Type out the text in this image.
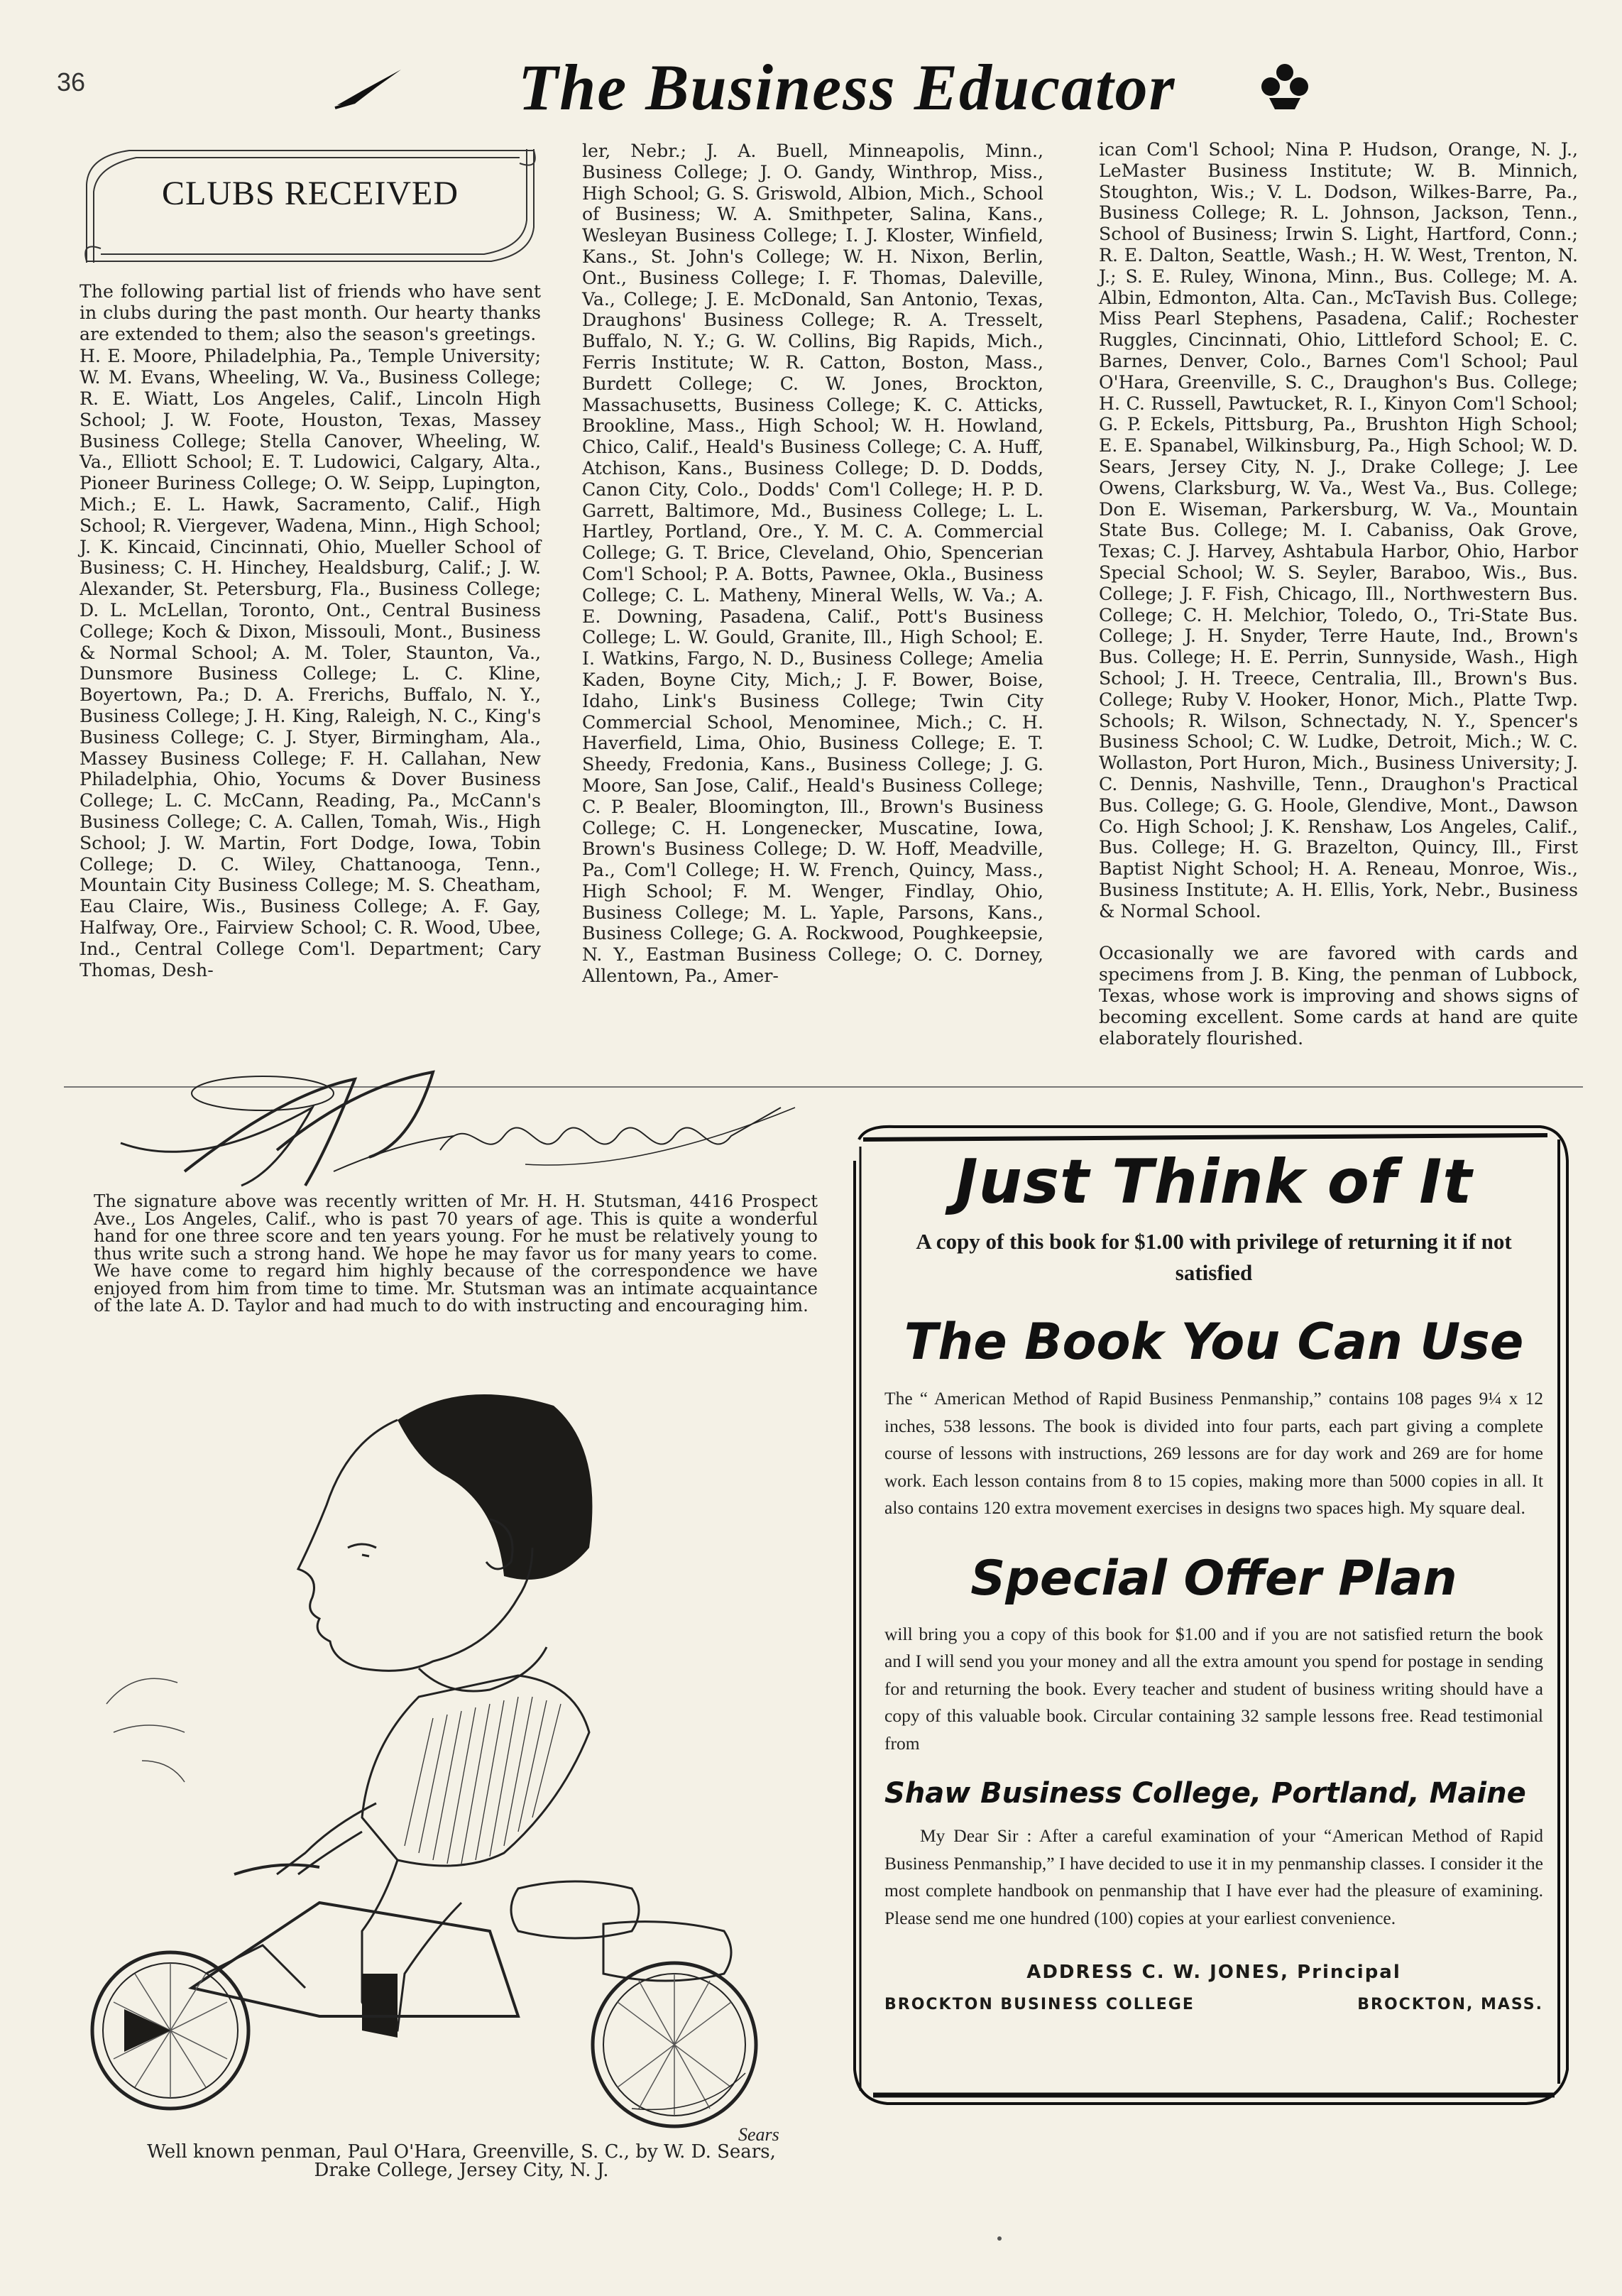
36	The Business Educator
CLUBS RECEIVED

The following partial list of friends who have sent in clubs during the past month. Our hearty thanks are extended to them; also the season's greetings.

H. E. Moore, Philadelphia, Pa., Temple University; W. M. Evans, Wheeling, W. Va., Business College; R. E. Wiatt, Los Angeles, Calif., Lincoln High School; J. W. Foote, Houston, Texas, Massey Business College; Stella Canover, Wheeling, W. Va., Elliott School; E. T. Ludowici, Calgary, Alta., Pioneer Buriness College; O. W. Seipp, Lupington, Mich.; E. L. Hawk, Sacramento, Calif., High School; R. Viergever, Wadena, Minn., High School; J. K. Kincaid, Cincinnati, Ohio, Mueller School of Business; C. H. Hinchey, Healdsburg, Calif.; J. W. Alexander, St. Petersburg, Fla., Business College; D. L. McLellan, Toronto, Ont., Central Business College; Koch & Dixon, Missouli, Mont., Business & Normal School; A. M. Toler, Staunton, Va., Dunsmore Business College; L. C. Kline, Boyertown, Pa.; D. A. Frerichs, Buffalo, N. Y., Business College; J. H. King, Raleigh, N. C., King's Business College; C. J. Styer, Birmingham, Ala., Massey Business College; F. H. Callahan, New Philadelphia, Ohio, Yocums & Dover Business College; L. C. McCann, Reading, Pa., McCann's Business College; C. A. Callen, Tomah, Wis., High School; J. W. Martin, Fort Dodge, Iowa, Tobin College; D. C. Wiley, Chattanooga, Tenn., Mountain City Business College; M. S. Cheatham, Eau Claire, Wis., Business College; A. F. Gay, Halfway, Ore., Fairview School; C. R. Wood, Ubee, Ind., Central College Com'l. Department; Cary Thomas, Desh-

ler, Nebr.; J. A. Buell, Minneapolis, Minn., Business College; J. O. Gandy, Winthrop, Miss., High School; G. S. Griswold, Albion, Mich., School of Business; W. A. Smithpeter, Salina, Kans., Wesleyan Business College; I. J. Kloster, Winfield, Kans., St. John's College; W. H. Nixon, Berlin, Ont., Business College; I. F. Thomas, Daleville, Va., College; J. E. McDonald, San Antonio, Texas, Draughons' Business College; R. A. Tresselt, Buffalo, N. Y.; G. W. Collins, Big Rapids, Mich., Ferris Institute; W. R. Catton, Boston, Mass., Burdett College; C. W. Jones, Brockton, Massachusetts, Business College; K. C. Atticks, Brookline, Mass., High School; W. H. Howland, Chico, Calif., Heald's Business College; C. A. Huff, Atchison, Kans., Business College; D. D. Dodds, Canon City, Colo., Dodds' Com'l College; H. P. D. Garrett, Baltimore, Md., Business College; L. L. Hartley, Portland, Ore., Y. M. C. A. Commercial College; G. T. Brice, Cleveland, Ohio, Spencerian Com'l School; P. A. Botts, Pawnee, Okla., Business College; C. L. Matheny, Mineral Wells, W. Va.; A. E. Downing, Pasadena, Calif., Pott's Business College; L. W. Gould, Granite, Ill., High School; E. I. Watkins, Fargo, N. D., Business College; Amelia Kaden, Boyne City, Mich,; J. F. Bower, Boise, Idaho, Link's Business College; Twin City Commercial School, Menominee, Mich.; C. H. Haverfield, Lima, Ohio, Business College; E. T. Sheedy, Fredonia, Kans., Business College; J. G. Moore, San Jose, Calif., Heald's Business College; C. P. Bealer, Bloomington, Ill., Brown's Business College; C. H. Longenecker, Muscatine, Iowa, Brown's Business College; D. W. Hoff, Meadville, Pa., Com'l College; H. W. French, Quincy, Mass., High School; F. M. Wenger, Findlay, Ohio, Business College; M. L. Yaple, Parsons, Kans., Business College; G. A. Rockwood, Poughkeepsie, N. Y., Eastman Business College; O. C. Dorney, Allentown, Pa., Amer-

ican Com'l School; Nina P. Hudson, Orange, N. J., LeMaster Business Institute; W. B. Minnich, Stoughton, Wis.; V. L. Dodson, Wilkes-Barre, Pa., Business College; R. L. Johnson, Jackson, Tenn., School of Business; Irwin S. Light, Hartford, Conn.; R. E. Dalton, Seattle, Wash.; H. W. West, Trenton, N. J.; S. E. Ruley, Winona, Minn., Bus. College; M. A. Albin, Edmonton, Alta. Can., McTavish Bus. College; Miss Pearl Stephens, Pasadena, Calif.; Rochester Ruggles, Cincinnati, Ohio, Littleford School; E. C. Barnes, Denver, Colo., Barnes Com'l School; Paul O'Hara, Greenville, S. C., Draughon's Bus. College; H. C. Russell, Pawtucket, R. I., Kinyon Com'l School; G. P. Eckels, Pittsburg, Pa., Brushton High School; E. E. Spanabel, Wilkinsburg, Pa., High School; W. D. Sears, Jersey City, N. J., Drake College; J. Lee Owens, Clarksburg, W. Va., West Va., Bus. College; Don E. Wiseman, Parkersburg, W. Va., Mountain State Bus. College; M. I. Cabaniss, Oak Grove, Texas; C. J. Harvey, Ashtabula Harbor, Ohio, Harbor Special School; W. S. Seyler, Baraboo, Wis., Bus. College; J. F. Fish, Chicago, Ill., Northwestern Bus. College; C. H. Melchior, Toledo, O., Tri-State Bus. College; J. H. Snyder, Terre Haute, Ind., Brown's Bus. College; H. E. Perrin, Sunnyside, Wash., High School; J. H. Treece, Centralia, Ill., Brown's Bus. College; Ruby V. Hooker, Honor, Mich., Platte Twp. Schools; R. Wilson, Schnectady, N. Y., Spencer's Business School; C. W. Ludke, Detroit, Mich.; W. C. Wollaston, Port Huron, Mich., Business University; J. C. Dennis, Nashville, Tenn., Draughon's Practical Bus. College; G. G. Hoole, Glendive, Mont., Dawson Co. High School; J. K. Renshaw, Los Angeles, Calif., Bus. College; H. G. Brazelton, Quincy, Ill., First Baptist Night School; H. A. Reneau, Monroe, Wis., Business Institute; A. H. Ellis, York, Nebr., Business & Normal School.

Occasionally we are favored with cards and specimens from J. B. King, the penman of Lubbock, Texas, whose work is improving and shows signs of becoming excellent. Some cards at hand are quite elaborately flourished.

The signature above was recently written of Mr. H. H. Stutsman, 4416 Prospect Ave., Los Angeles, Calif., who is past 70 years of age. This is quite a wonderful hand for one three score and ten years young. For he must be relatively young to thus write such a strong hand. We hope he may favor us for many years to come. We have come to regard him highly because of the correspondence we have enjoyed from him from time to time. Mr. Stutsman was an intimate acquaintance of the late A. D. Taylor and had much to do with instructing and encouraging him.

Sears
Well known penman, Paul O'Hara, Greenville, S. C., by W. D. Sears,
Drake College, Jersey City, N. J.
Just Think of It

A copy of this book for $1.00 with privilege of returning it if not satisfied

The Book You Can Use

The “ American Method of Rapid Business Penmanship,” contains 108 pages 9¼ x 12 inches, 538 lessons. The book is divided into four parts, each part giving a complete course of lessons with instructions, 269 lessons are for day work and 269 are for home work. Each lesson contains from 8 to 15 copies, making more than 5000 copies in all. It also contains 120 extra movement exercises in designs two spaces high. My square deal.

Special Offer Plan

will bring you a copy of this book for $1.00 and if you are not satisfied return the book and I will send you your money and all the extra amount you spend for postage in sending for and returning the book. Every teacher and student of business writing should have a copy of this valuable book. Circular containing 32 sample lessons free. Read testimonial from

Shaw Business College, Portland, Maine

My Dear Sir : After a careful examination of your “American Method of Rapid Business Penmanship,” I have decided to use it in my penmanship classes. I consider it the most complete handbook on penmanship that I have ever had the pleasure of examining. Please send me one hundred (100) copies at your earliest convenience.

ADDRESS C. W. JONES, Principal
BROCKTON BUSINESS COLLEGE	BROCKTON, MASS.
